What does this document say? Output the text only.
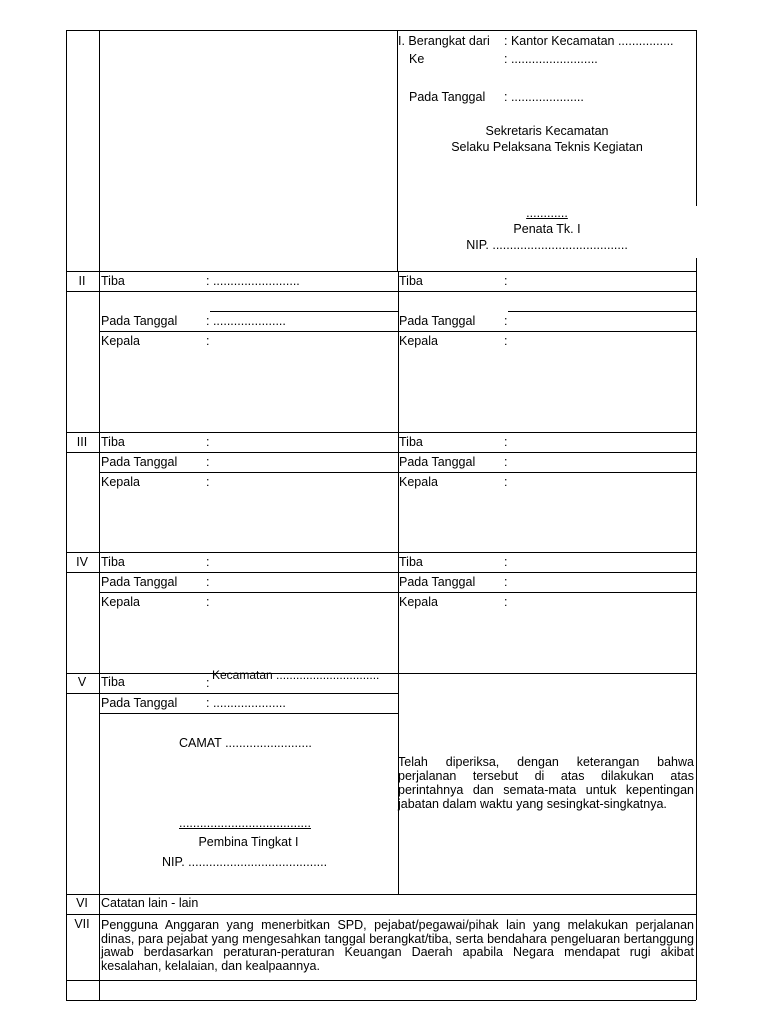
I. Berangkat dari : Kantor Kecamatan ................
Ke	: .........................
Pada Tanggal : .....................
Sekretaris Kecamatan
Selaku Pelaksana Teknis Kegiatan
............
Penata Tk. I
NIP. .......................................
II	Tiba	: .........................
Pada Tanggal : .....................
Kepala	:
Tiba	:
Pada Tanggal :
Kepala	:
III	Tiba	:
Pada Tanggal :
Kepala	:
Tiba	:
Pada Tanggal :
Kepala	:
IV	Tiba	:
Pada Tanggal :
Kepala	:
Tiba	:
Pada Tanggal :
Kepala	:
V	Tiba	:
Kecamatan ...............................
Pada Tanggal : .....................
CAMAT .........................
......................................
Pembina Tingkat I
NIP. ........................................
Telah diperiksa, dengan keterangan bahwa perjalanan tersebut di atas dilakukan atas perintahnya dan semata-mata untuk kepentingan jabatan dalam waktu yang sesingkat-singkatnya.
VI	Catatan lain - lain
VII Pengguna Anggaran yang menerbitkan SPD, pejabat/pegawai/pihak lain yang melakukan perjalanan dinas, para pejabat yang mengesahkan tanggal berangkat/tiba, serta bendahara pengeluaran bertanggung jawab berdasarkan peraturan-peraturan Keuangan Daerah apabila Negara mendapat rugi akibat kesalahan, kelalaian, dan kealpaannya.
